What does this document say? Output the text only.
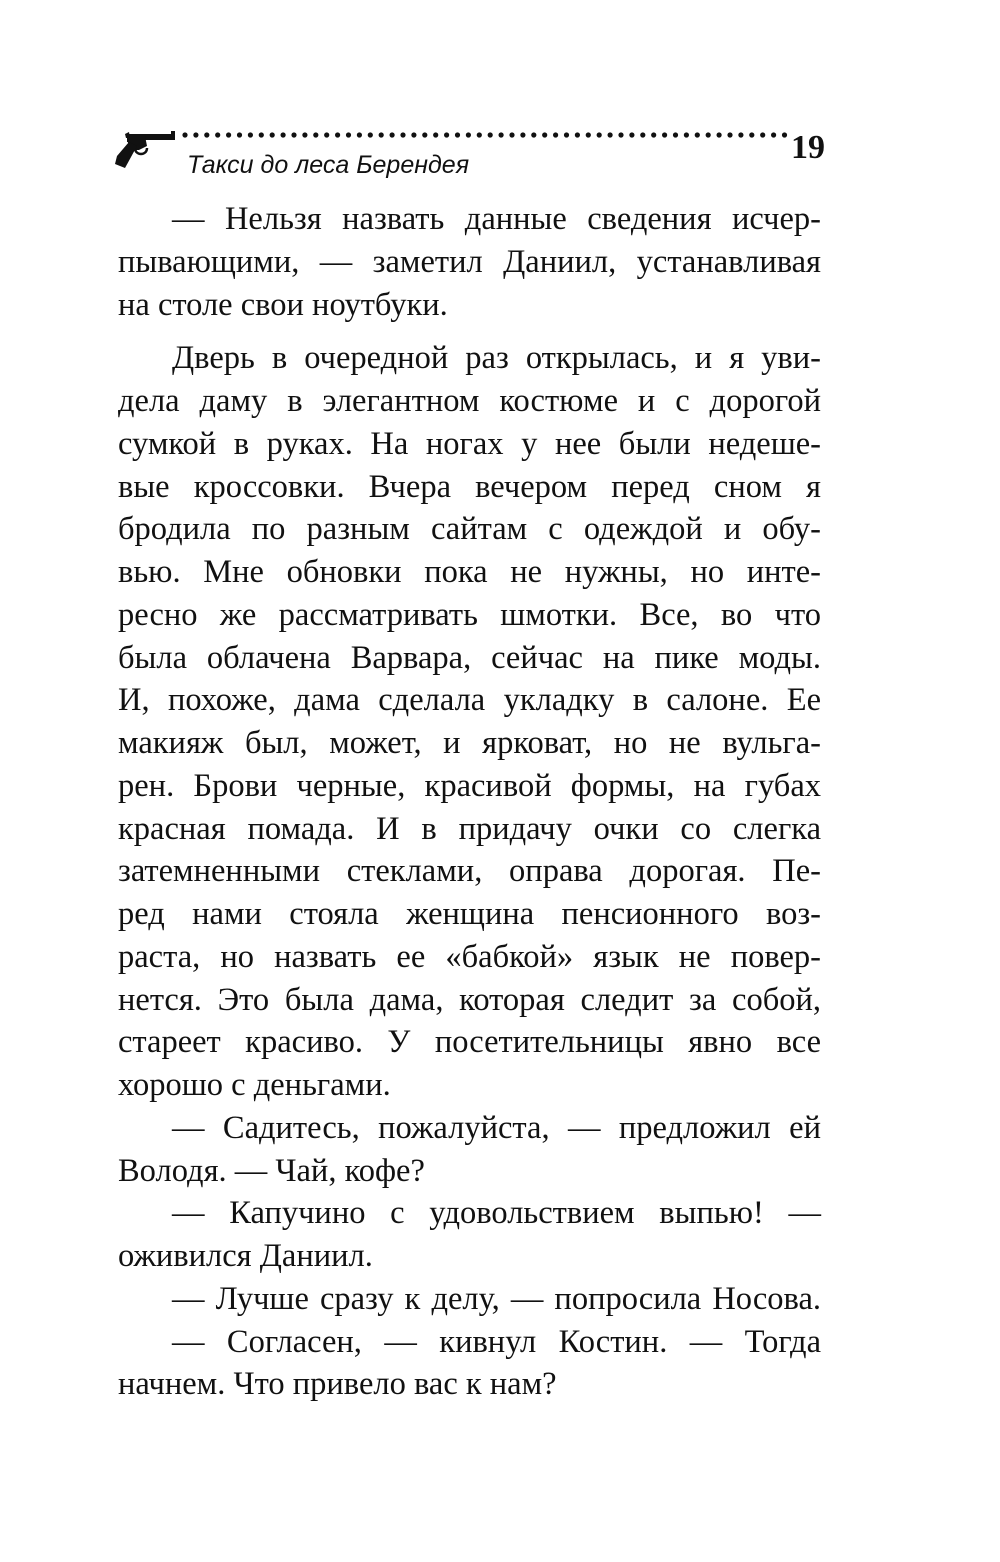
Такси до леса Берендея	19
— Нельзя назвать данные сведения исчер-
пывающими, — заметил Даниил, устанавливая
на столе свои ноутбуки.
Дверь в очередной раз открылась, и я уви-
дела даму в элегантном костюме и с дорогой
сумкой в руках. На ногах у нее были недеше-
вые кроссовки. Вчера вечером перед сном я
бродила по разным сайтам с одеждой и обу-
вью. Мне обновки пока не нужны, но инте-
ресно же рассматривать шмотки. Все, во что
была облачена Варвара, сейчас на пике моды.
И, похоже, дама сделала укладку в салоне. Ее
макияж был, может, и ярковат, но не вульга-
рен. Брови черные, красивой формы, на губах
красная помада. И в придачу очки со слегка
затемненными стеклами, оправа дорогая. Пе-
ред нами стояла женщина пенсионного воз-
раста, но назвать ее «бабкой» язык не повер-
нется. Это была дама, которая следит за собой,
стареет красиво. У посетительницы явно все
хорошо с деньгами.
— Садитесь, пожалуйста, — предложил ей
Володя. — Чай, кофе?
— Капучино с удовольствием выпью! —
оживился Даниил.
— Лучше сразу к делу, — попросила Носова.
— Согласен, — кивнул Костин. — Тогда
начнем. Что привело вас к нам?
